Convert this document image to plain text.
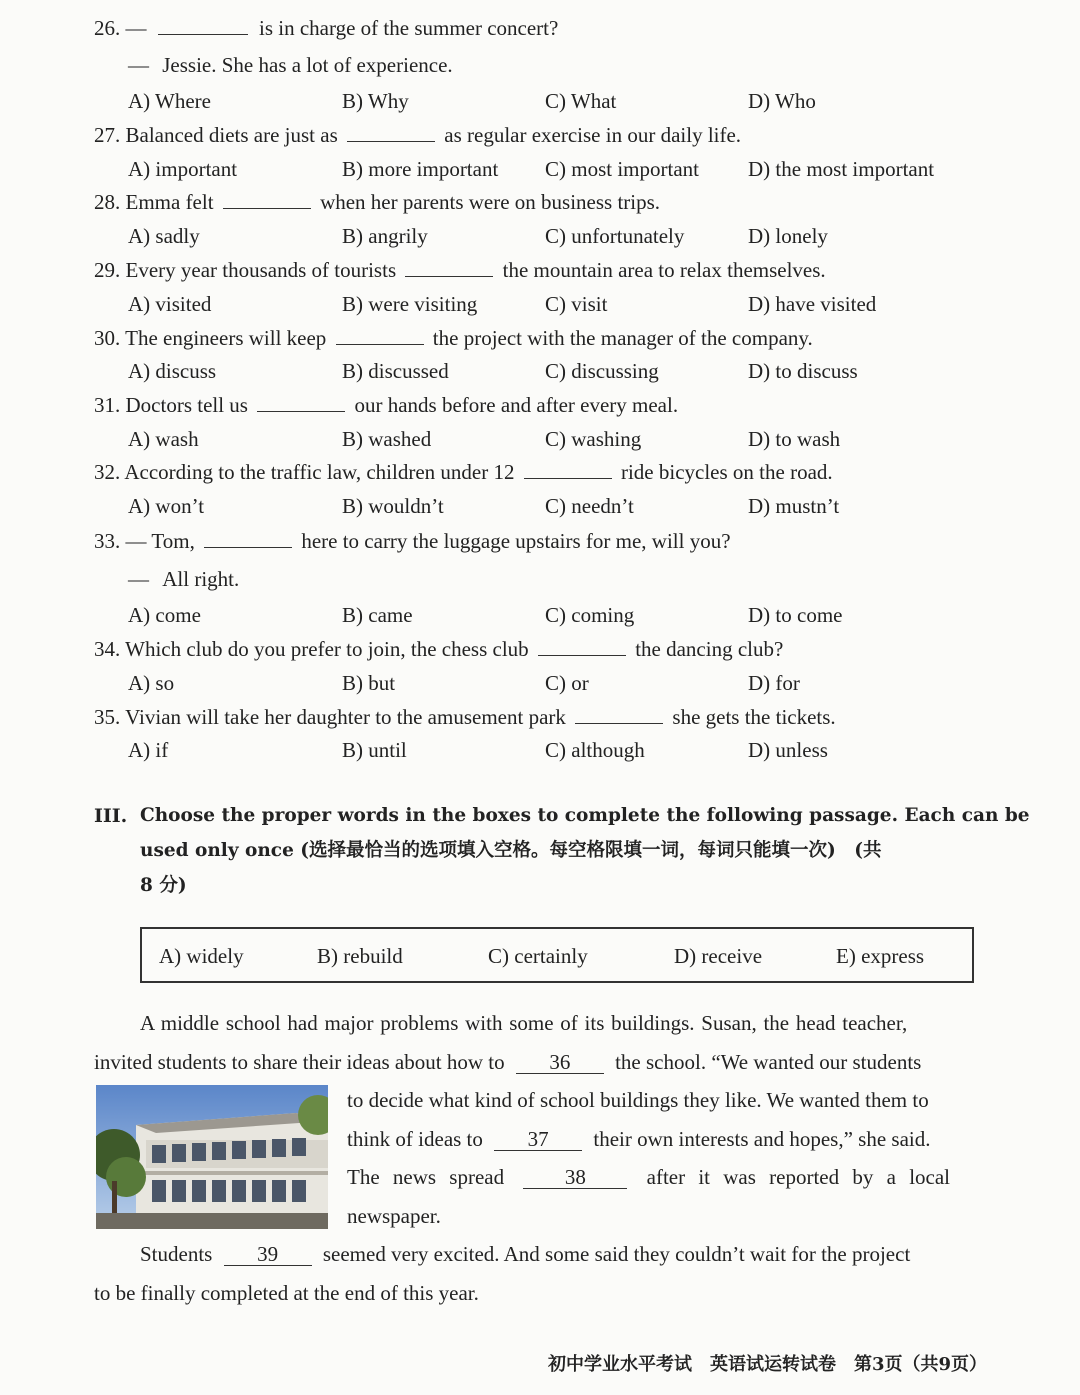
26. —	is in charge of the summer concert?
— Jessie. She has a lot of experience.
A) Where	B) Why	C) What	D) Who
27. Balanced diets are just as	as regular exercise in our daily life.
A) important	B) more important C) most important D) the most important
28. Emma felt	when her parents were on business trips.
A) sadly	B) angrily	C) unfortunately	D) lonely
29. Every year thousands of tourists	the mountain area to relax themselves.
A) visited	B) were visiting	C) visit	D) have visited
30. The engineers will keep	the project with the manager of the company.
A) discuss	B) discussed	C) discussing	D) to discuss
31. Doctors tell us	our hands before and after every meal.
A) wash	B) washed	C) washing	D) to wash
32. According to the traffic law, children under 12	ride bicycles on the road.
A) won’t	B) wouldn’t	C) needn’t	D) mustn’t
33. — Tom,	here to carry the luggage upstairs for me, will you?
— All right.
A) come	B) came	C) coming	D) to come
34. Which club do you prefer to join, the chess club	the dancing club?
A) so	B) but	C) or	D) for
35. Vivian will take her daughter to the amusement park	she gets the tickets.
A) if	B) until	C) although	D) unless
III. Choose the proper words in the boxes to complete the following passage. Each can be
used only once (选择最恰当的选项填入空格。每空格限填一词，每词只能填一次)　(共
8 分)
A) widely	B) rebuild	C) certainly	D) receive	E) express
A middle school had major problems with some of its buildings. Susan, the head teacher,
invited students to share their ideas about how to 36 the school. “We wanted our students
to decide what kind of school buildings they like. We wanted them to
think of ideas to 37 their own interests and hopes,” she said.
The news spread	38	after it was reported by a local
newspaper.
Students 39 seemed very excited. And some said they couldn’t wait for the project
to be finally completed at the end of this year.
初中学业水平考试　英语试运转试卷　第3页（共9页）
